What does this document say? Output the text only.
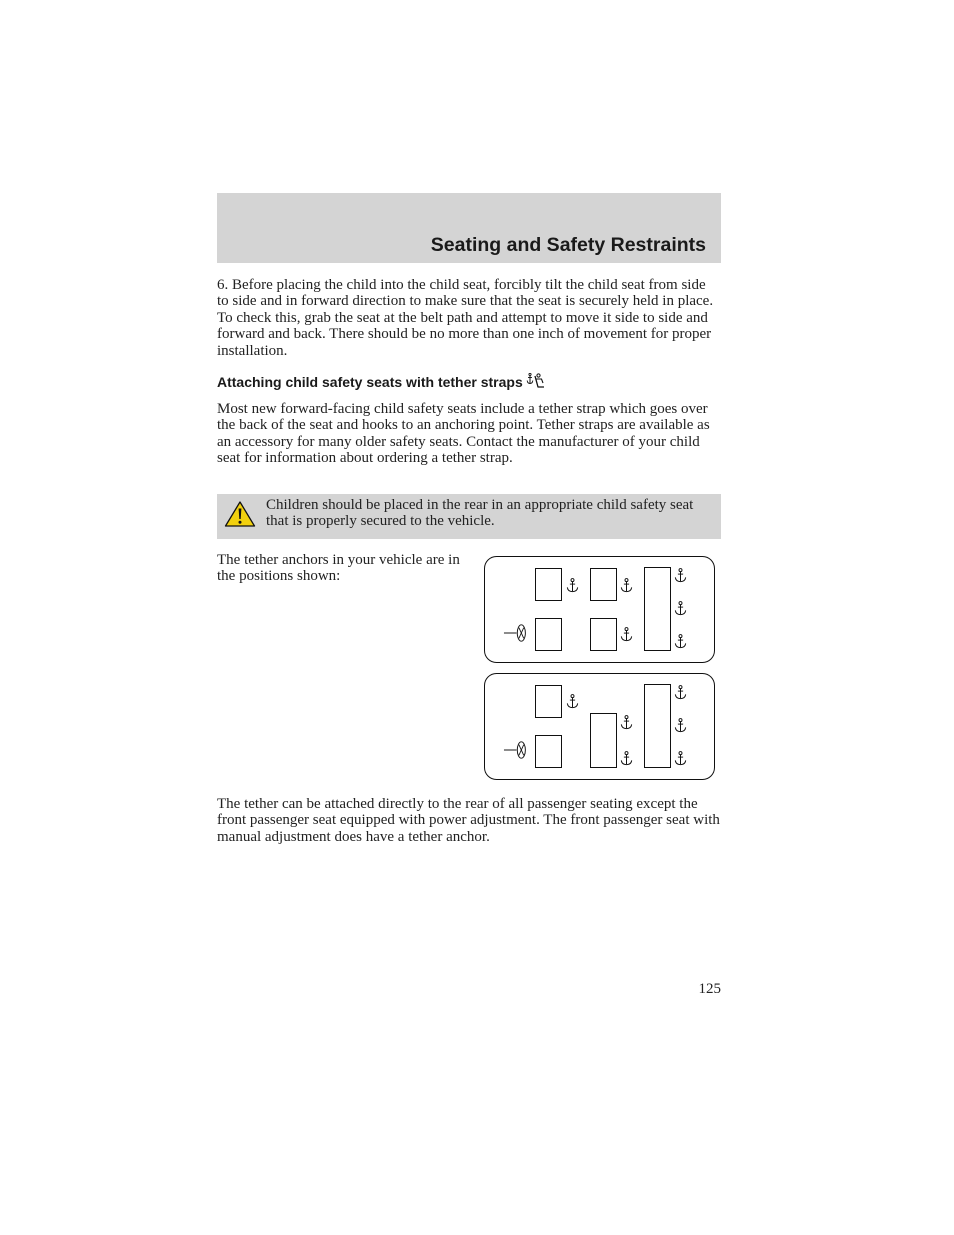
Seating and Safety Restraints

6. Before placing the child into the child seat, forcibly tilt the child seat from side to side and in forward direction to make sure that the seat is securely held in place. To check this, grab the seat at the belt path and attempt to move it side to side and forward and back. There should be no more than one inch of movement for proper installation.

Attaching child safety seats with tether straps

Most new forward-facing child safety seats include a tether strap which goes over the back of the seat and hooks to an anchoring point. Tether straps are available as an accessory for many older safety seats. Contact the manufacturer of your child seat for information about ordering a tether strap.

Children should be placed in the rear in an appropriate child safety seat that is properly secured to the vehicle.

The tether anchors in your vehicle are in the positions shown:

The tether can be attached directly to the rear of all passenger seating except the front passenger seat equipped with power adjustment. The front passenger seat with manual adjustment does have a tether anchor.

125
